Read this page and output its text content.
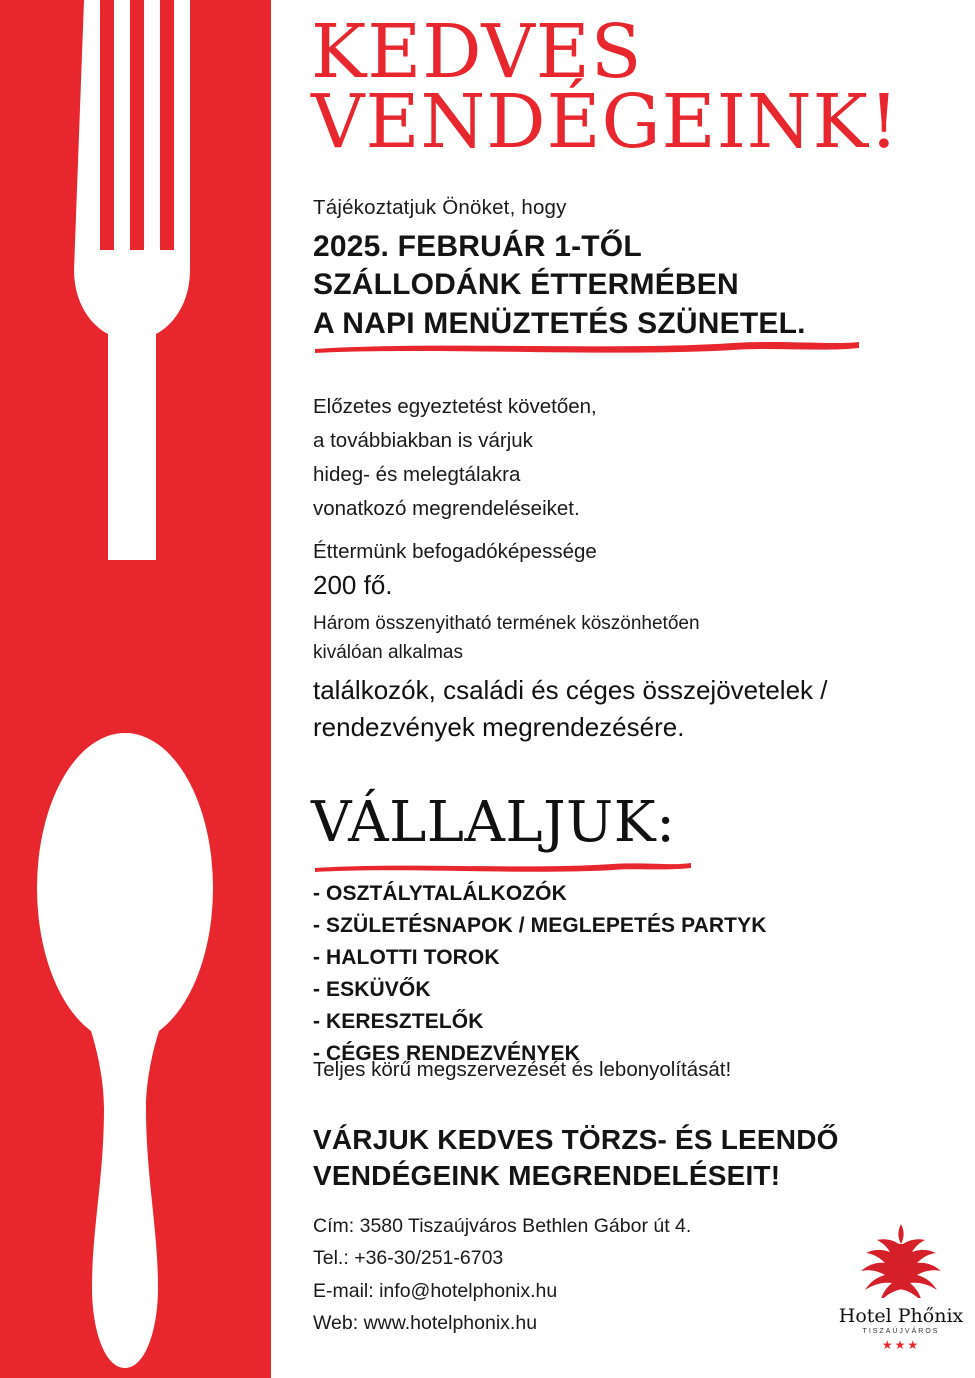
KEDVES
VENDÉGEINK!
Tájékoztatjuk Önöket, hogy
2025. FEBRUÁR 1-TŐL
SZÁLLODÁNK ÉTTERMÉBEN
A NAPI MENÜZTETÉS SZÜNETEL.
Előzetes egyeztetést követően,
a továbbiakban is várjuk
hideg- és melegtálakra
vonatkozó megrendeléseiket.
Éttermünk befogadóképessége
200 fő.
Három összenyitható termének köszönhetően
kiválóan alkalmas
találkozók, családi és céges összejövetelek /
rendezvények megrendezésére.
VÁLLALJUK:
- OSZTÁLYTALÁLKOZÓK
- SZÜLETÉSNAPOK / MEGLEPETÉS PARTYK
- HALOTTI TOROK
- ESKÜVŐK
- KERESZTELŐK
- CÉGES RENDEZVÉNYEK
Teljes körű megszervezését és lebonyolítását!
VÁRJUK KEDVES TÖRZS- ÉS LEENDŐ
VENDÉGEINK MEGRENDELÉSEIT!
Cím: 3580 Tiszaújváros Bethlen Gábor út 4.
Tel.: +36-30/251-6703
E-mail: info@hotelphonix.hu
Web: www.hotelphonix.hu	Hotel Phőnix
TISZAÚJVÁROS
★★★
